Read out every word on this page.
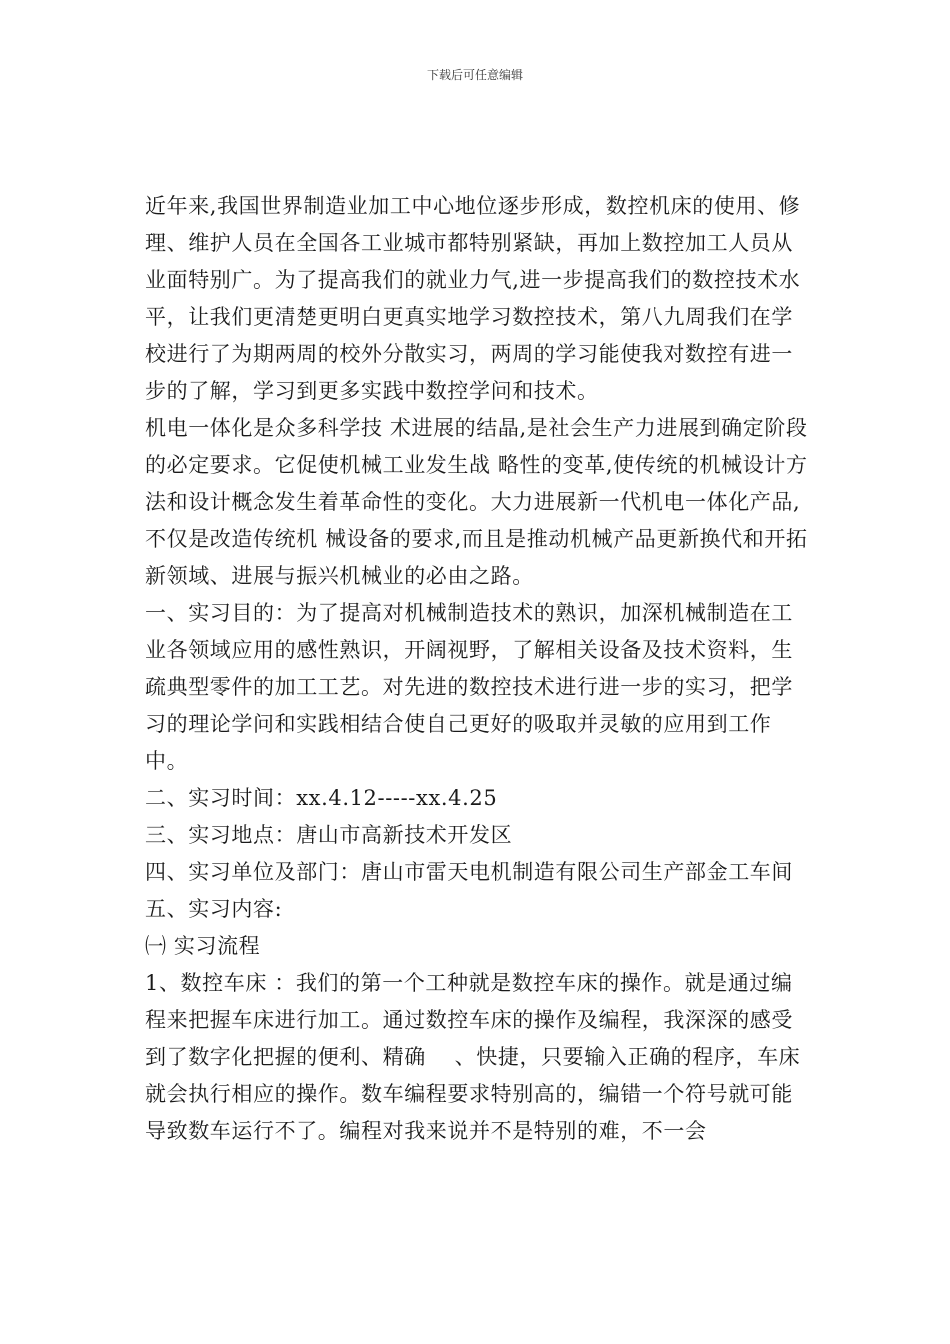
下载后可任意编辑

近年来,我国世界制造业加工中心地位逐步形成，数控机床的使用、修理、维护人员在全国各工业城市都特别紧缺，再加上数控加工人员从业面特别广。为了提高我们的就业力气,进一步提高我们的数控技术水平，让我们更清楚更明白更真实地学习数控技术，第八九周我们在学校进行了为期两周的校外分散实习，两周的学习能使我对数控有进一步的了解，学习到更多实践中数控学问和技术。

机电一体化是众多科学技 术进展的结晶,是社会生产力进展到确定阶段的必定要求。它促使机械工业发生战 略性的变革,使传统的机械设计方法和设计概念发生着革命性的变化。大力进展新一代机电一体化产品,不仅是改造传统机 械设备的要求,而且是推动机械产品更新换代和开拓新领域、进展与振兴机械业的必由之路。

一、实习目的：为了提高对机械制造技术的熟识，加深机械制造在工业各领域应用的感性熟识，开阔视野，了解相关设备及技术资料，生疏典型零件的加工工艺。对先进的数控技术进行进一步的实习，把学习的理论学问和实践相结合使自己更好的吸取并灵敏的应用到工作中。

二、实习时间：xx.4.12-----xx.4.25

三、实习地点：唐山市高新技术开发区

四、实习单位及部门：唐山市雷天电机制造有限公司生产部金工车间

五、实习内容:

㈠ 实习流程

1、数控车床 ：我们的第一个工种就是数控车床的操作。就是通过编程来把握车床进行加工。通过数控车床的操作及编程，我深深的感受到了数字化把握的便利、精确　 、快捷，只要输入正确的程序，车床就会执行相应的操作。数车编程要求特别高的，编错一个符号就可能导致数车运行不了。编程对我来说并不是特别的难，不一会
